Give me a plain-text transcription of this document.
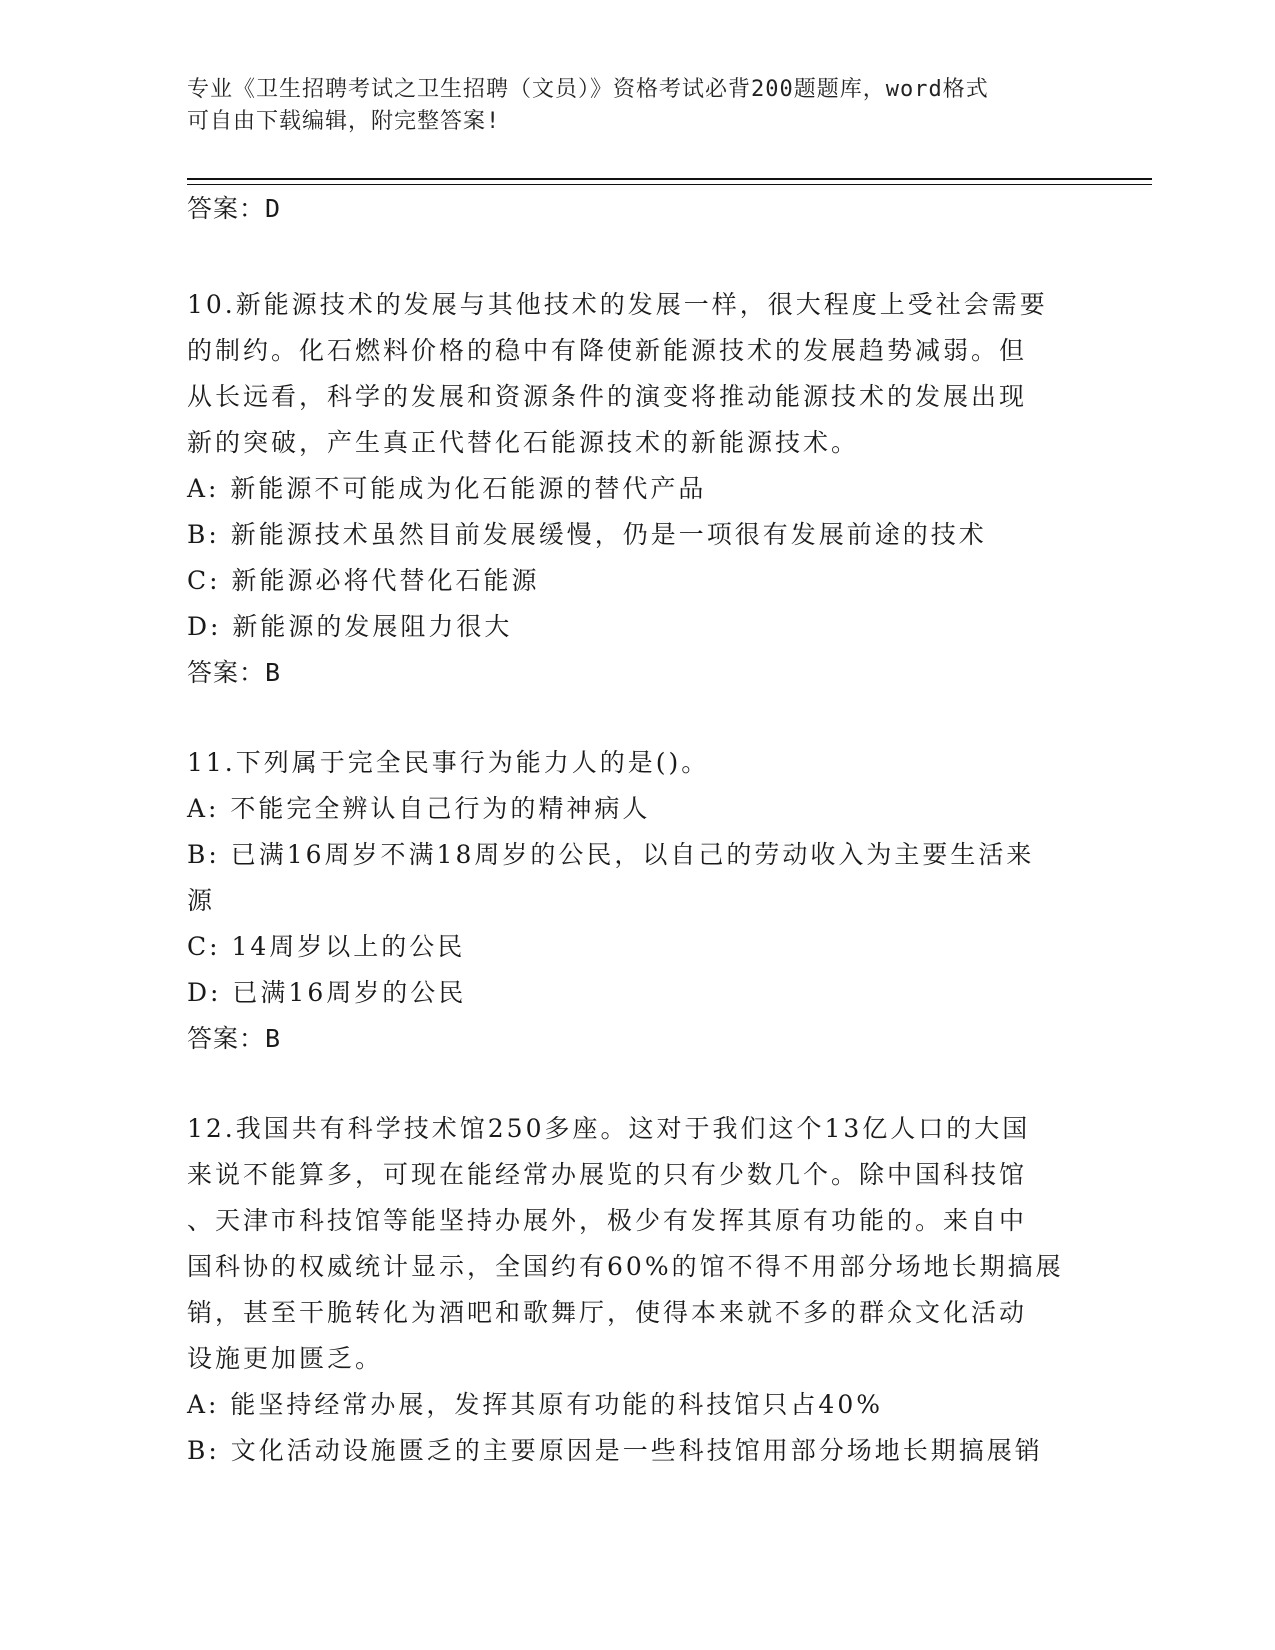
专业《卫生招聘考试之卫生招聘（文员）》资格考试必背200题题库，word格式
可自由下载编辑，附完整答案!
答案：D
10.新能源技术的发展与其他技术的发展一样，很大程度上受社会需要
的制约。化石燃料价格的稳中有降使新能源技术的发展趋势减弱。但
从长远看，科学的发展和资源条件的演变将推动能源技术的发展出现
新的突破，产生真正代替化石能源技术的新能源技术。
A: 新能源不可能成为化石能源的替代产品
B: 新能源技术虽然目前发展缓慢，仍是一项很有发展前途的技术
C: 新能源必将代替化石能源
D: 新能源的发展阻力很大
答案：B
11.下列属于完全民事行为能力人的是()。
A: 不能完全辨认自己行为的精神病人
B: 已满16周岁不满18周岁的公民，以自己的劳动收入为主要生活来
源
C: 14周岁以上的公民
D: 已满16周岁的公民
答案：B
12.我国共有科学技术馆250多座。这对于我们这个13亿人口的大国
来说不能算多，可现在能经常办展览的只有少数几个。除中国科技馆
、天津市科技馆等能坚持办展外，极少有发挥其原有功能的。来自中
国科协的权威统计显示，全国约有60%的馆不得不用部分场地长期搞展
销，甚至干脆转化为酒吧和歌舞厅，使得本来就不多的群众文化活动
设施更加匮乏。
A: 能坚持经常办展，发挥其原有功能的科技馆只占40%
B: 文化活动设施匮乏的主要原因是一些科技馆用部分场地长期搞展销
